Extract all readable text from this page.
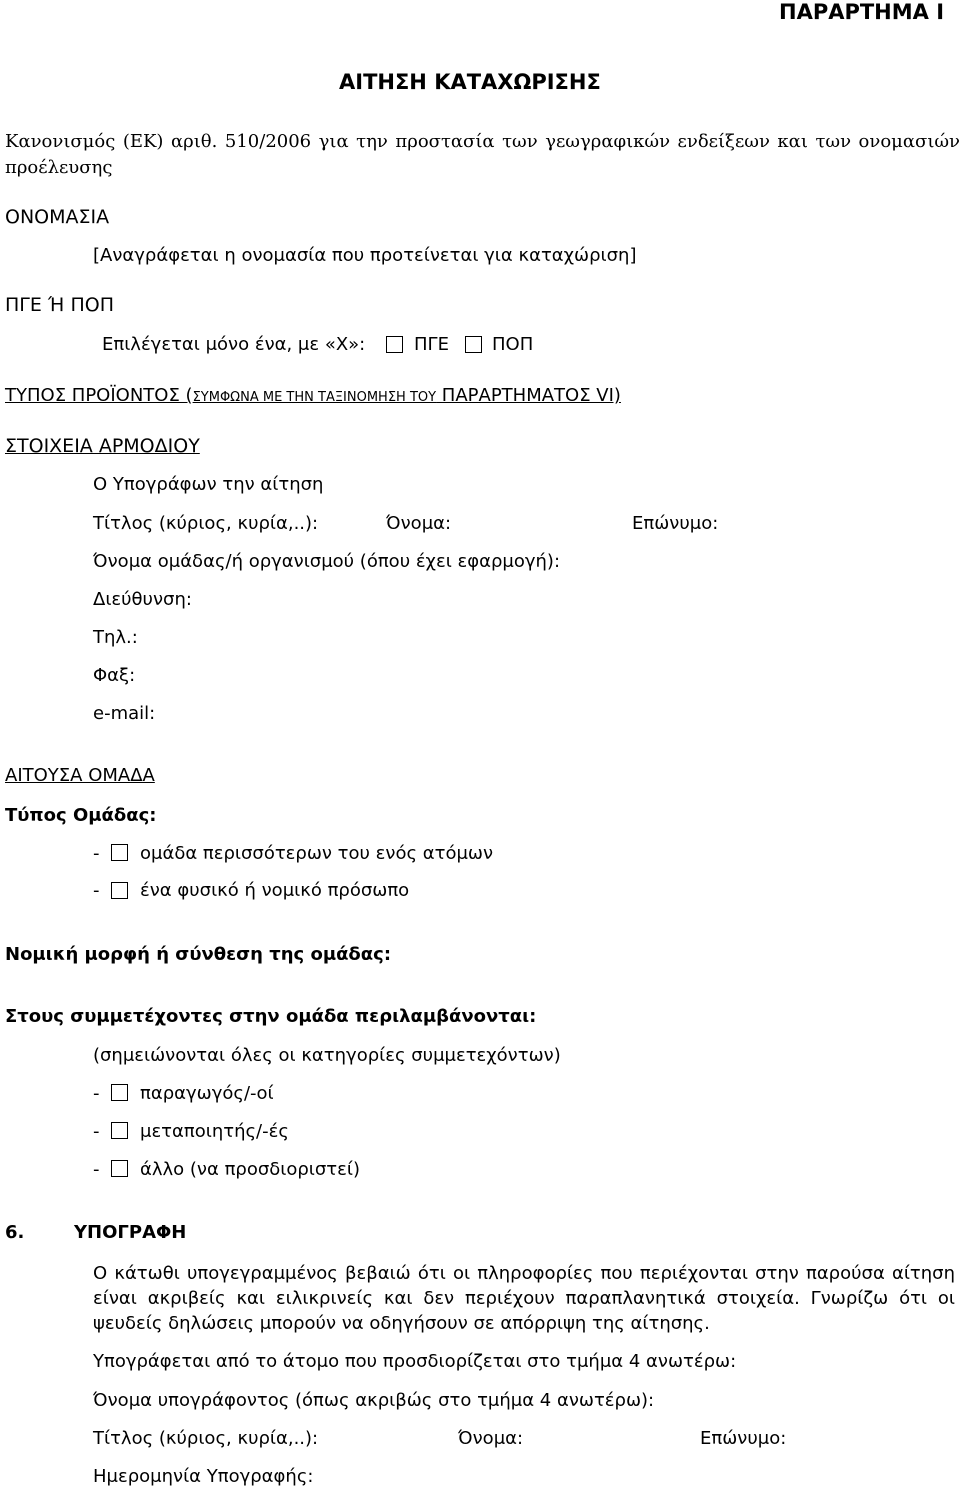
ΠΑΡΑΡΤΗΜΑ Ι
ΑΙΤΗΣΗ ΚΑΤΑΧΩΡΙΣΗΣ
Κανονισμός (ΕΚ) αριθ. 510/2006 για την προστασία των γεωγραφικών ενδείξεων και των ονομασιών
προέλευσης
ΟΝΟΜΑΣΙΑ
[Αναγράφεται η ονομασία που προτείνεται για καταχώριση]
ΠΓΕ Ή ΠΟΠ
Επιλέγεται μόνο ένα, με «Χ»:	ΠΓΕ ΠΟΠ
ΤΥΠΟΣ ΠΡΟΪΟΝΤΟΣ (ΣΥΜΦΩΝΑ ΜΕ ΤΗΝ ΤΑΞΙΝΟΜΗΣΗ ΤΟΥ ΠΑΡΑΡΤΗΜΑΤΟΣ VI)
ΣΤΟΙΧΕΙΑ ΑΡΜΟΔΙΟΥ
Ο Υπογράφων την αίτηση
Τίτλος (κύριος, κυρία,..):	Όνομα:	Επώνυμο:
Όνομα ομάδας/ή οργανισμού (όπου έχει εφαρμογή):
Διεύθυνση:
Τηλ.:
Φαξ:
e-mail:
ΑΙΤΟΥΣΑ ΟΜΑΔΑ
Τύπος Ομάδας:
- ομάδα περισσότερων του ενός ατόμων
- ένα φυσικό ή νομικό πρόσωπο
Νομική μορφή ή σύνθεση της ομάδας:
Στους συμμετέχοντες στην ομάδα περιλαμβάνονται:
(σημειώνονται όλες οι κατηγορίες συμμετεχόντων)
- παραγωγός/-οί
- μεταποιητής/-ές
- άλλο (να προσδιοριστεί)
6.	ΥΠΟΓΡΑΦΗ
Ο κάτωθι υπογεγραμμένος βεβαιώ ότι οι πληροφορίες που περιέχονται στην παρούσα αίτηση
είναι ακριβείς και ειλικρινείς και δεν περιέχουν παραπλανητικά στοιχεία. Γνωρίζω ότι οι
ψευδείς δηλώσεις μπορούν να οδηγήσουν σε απόρριψη της αίτησης.
Υπογράφεται από το άτομο που προσδιορίζεται στο τμήμα 4 ανωτέρω:
Όνομα υπογράφοντος (όπως ακριβώς στο τμήμα 4 ανωτέρω):
Τίτλος (κύριος, κυρία,..):	Όνομα:	Επώνυμο:
Ημερομηνία Υπογραφής:
